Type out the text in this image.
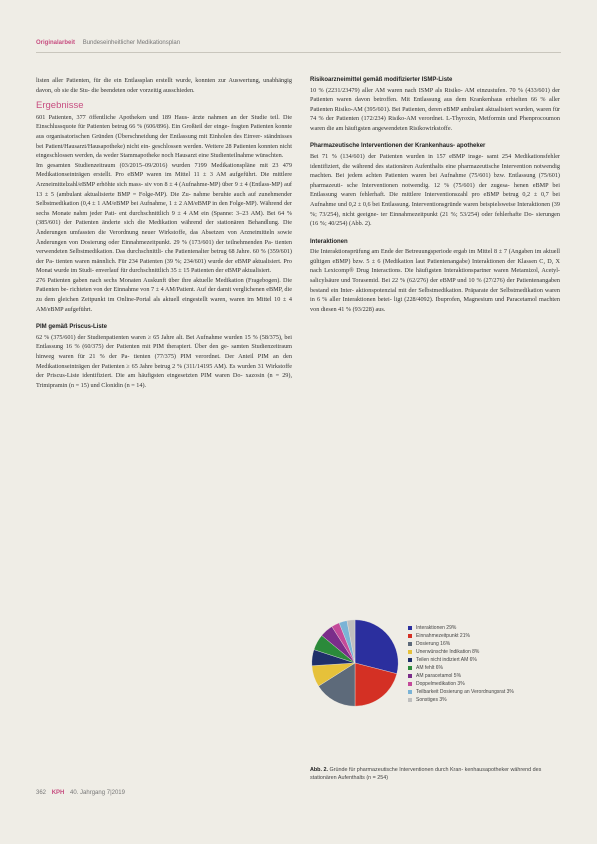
Originalarbeit Bundeseinheitlicher Medikationsplan

listen aller Patienten, für die ein Entlassplan erstellt wurde, konnten zur Auswertung, unabhängig davon, ob sie die Stu- die beendeten oder vorzeitig ausschieden.

Ergebnisse

601 Patienten, 377 öffentliche Apotheken und 189 Haus- ärzte nahmen an der Studie teil. Die Einschlussquote für Patienten betrug 66 % (606/896). Ein Großteil der einge- fragten Patienten konnte aus organisatorischen Gründen (Überschneidung der Entlassung mit Einholen des Einver- ständnisses bei Patient/Hausarzt/Hausapotheke) nicht ein- geschlossen werden. Weitere 28 Patienten konnten nicht eingeschlossen werden, da weder Stammapotheke noch Hausarzt eine Studienteilnahme wünschten.

Im gesamten Studienzeitraum (03/2015–09/2016) wurden 7199 Medikationspläne mit 23 479 Medikationseinträgen erstellt. Pro eBMP waren im Mittel 11 ± 3 AM aufgeführt. Die mittlere Arzneimittelzahl/eBMP erhöhte sich mass- siv von 8 ± 4 (Aufnahme-MP) über 9 ± 4 (Entlass-MP) auf 13 ± 5 (ambulant aktualisierte BMP = Folge-MP). Die Zu- nahme beruhte auch auf zunehmender Selbstmedikation (0,4 ± 1 AM/eBMP bei Aufnahme, 1 ± 2 AM/eBMP in den Folge-MP). Während der sechs Monate nahm jeder Pati- ent durchschnittlich 9 ± 4 AM ein (Spanne: 3–23 AM). Bei 64 % (385/601) der Patienten änderte sich die Medikation während der stationären Behandlung. Die Änderungen umfassten die Verordnung neuer Wirkstoffe, das Absetzen von Arzneimitteln sowie Änderungen von Dosierung oder Einnahmezeitpunkt. 29 % (173/601) der teilnehmenden Pa- tienten verwendeten Selbstmedikation. Das durchschnittli- che Patientenalter betrug 68 Jahre. 60 % (359/601) der Pa- tienten waren männlich. Für 234 Patienten (39 %; 234/601) wurde der eBMP aktualisiert. Pro Monat wurde im Studi- enverlauf für durchschnittlich 35 ± 15 Patienten der eBMP aktualisiert.

276 Patienten gaben nach sechs Monaten Auskunft über ihre aktuelle Medikation (Fragebogen). Die Patienten be- richteten von der Einnahme von 7 ± 4 AM/Patient. Auf der damit verglichenen eBMP, die zu dem gleichen Zeitpunkt im Online-Portal als aktuell eingestellt waren, waren im Mittel 10 ± 4 AM/eBMP aufgeführt.

PIM gemäß Priscus-Liste

62 % (375/601) der Studienpatienten waren ≥ 65 Jahre alt. Bei Aufnahme wurden 15 % (58/375), bei Entlassung 16 % (60/375) der Patienten mit PIM therapiert. Über den ge- samten Studienzeitraum hinweg waren für 21 % der Pa- tienten (77/375) PIM verordnet. Der Anteil PIM an den Medikationseinträgen der Patienten ≥ 65 Jahre betrug 2 % (311/14195 AM). Es wurden 31 Wirkstoffe der Priscus-Liste identifiziert. Die am häufigsten eingesetzten PIM waren Do- xazosin (n = 29), Trimipramin (n = 15) und Clonidin (n = 14).

Risikoarzneimittel gemäß modifizierter ISMP-Liste

10 % (2231/23479) aller AM waren nach ISMP als Risiko- AM einzustufen. 70 % (433/601) der Patienten waren davon betroffen. Mit Entlassung aus dem Krankenhaus erhielten 66 % aller Patienten Risiko-AM (395/601). Bei Patienten, deren eBMP ambulant aktualisiert wurden, waren für 74 % der Patienten (172/234) Risiko-AM verordnet. L-Thyroxin, Metformin und Phenprocoumon waren die am häufigsten angewendeten Risikowirkstoffe.

Pharmazeutische Interventionen der Krankenhaus- apotheker

Bei 71 % (134/601) der Patienten wurden in 157 eBMP insge- samt 254 Medikationsfehler identifiziert, die während des stationären Aufenthalts eine pharmazeutische Intervention notwendig machten. Bei jedem achten Patienten waren bei Aufnahme (75/601) bzw. Entlassung (75/601) pharmazeuti- sche Interventionen notwendig. 12 % (75/601) der zugesa- henen eBMP bei Entlassung waren fehlerhaft. Die mittlere Interventionszahl pro eBMP betrug 0,2 ± 0,7 bei Aufnahme und 0,2 ± 0,6 bei Entlassung. Interventionsgründe waren beispielsweise Interaktionen (39 %; 73/254), nicht geeigne- ter Einnahmezeitpunkt (21 %; 53/254) oder fehlerhafte Do- sierungen (16 %; 40/254) (Abb. 2).

Interaktionen

Die Interaktionsprüfung am Ende der Betreuungsperiode ergab im Mittel 8 ± 7 (Angaben im aktuell gültigen eBMP) bzw. 5 ± 6 (Medikation laut Patientenangabe) Interaktionen der Klassen C, D, X nach Lexicomp® Drug Interactions. Die häufigsten Interaktionspartner waren Metamizol, Acetyl- salicylsäure und Torasemid. Bei 22 % (62/276) der eBMP und 10 % (27/276) der Patientenangaben bestand ein Inter- aktionspotenzial mit der Selbstmedikation. Präparate der Selbstmedikation waren in 6 % aller Interaktionen betei- ligt (228/4092). Ibuprofen, Magnesium und Paracetamol machten von diesen 41 % (93/228) aus.

Interaktionen 29%
Einnahmezeitpunkt 21%
Dosierung 16%
Unerwünschte Indikation 8%
Teilen nicht indiziert AM 6%
AM fehlt 6%
AM paracetamol 5%
Doppelmedikation 3%
Teilbarkeit Dosierung an Verordnungsrat 3%
Sonstiges 3%
Abb. 2. Gründe für pharmazeutische Interventionen durch Kran- kenhausapotheker während des stationären Aufenthalts (n = 254)
362 KPH 40. Jahrgang 7|2019
